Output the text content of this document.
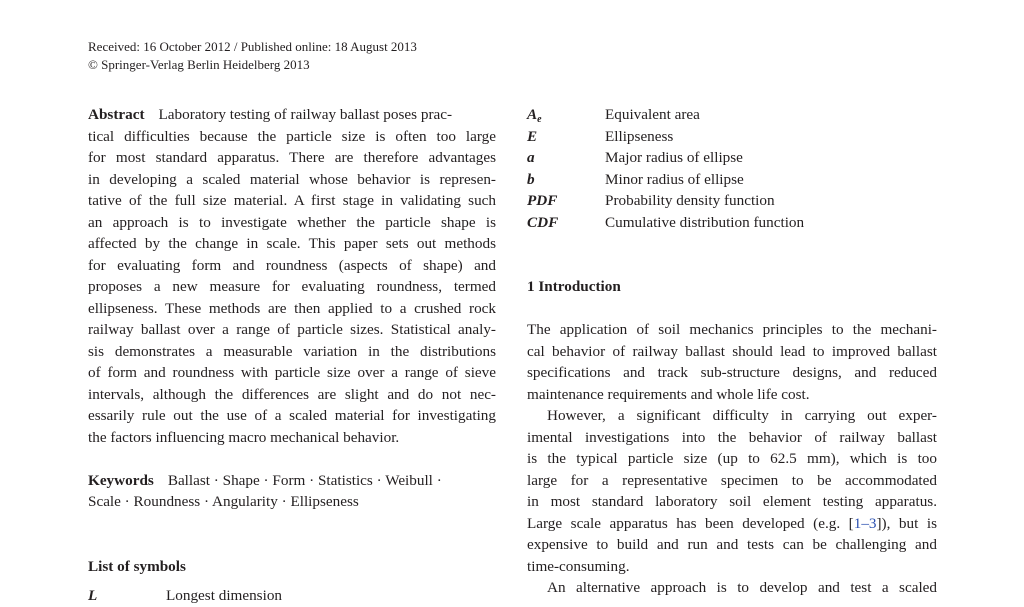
Received: 16 October 2012 / Published online: 18 August 2013
© Springer-Verlag Berlin Heidelberg 2013
Abstract Laboratory testing of railway ballast poses prac-
tical difficulties because the particle size is often too large
for most standard apparatus. There are therefore advantages
in developing a scaled material whose behavior is represen-
tative of the full size material. A first stage in validating such
an approach is to investigate whether the particle shape is
affected by the change in scale. This paper sets out methods
for evaluating form and roundness (aspects of shape) and
proposes a new measure for evaluating roundness, termed
ellipseness. These methods are then applied to a crushed rock
railway ballast over a range of particle sizes. Statistical analy-
sis demonstrates a measurable variation in the distributions
of form and roundness with particle size over a range of sieve
intervals, although the differences are slight and do not nec-
essarily rule out the use of a scaled material for investigating
the factors influencing macro mechanical behavior.
Keywords Ballast · Shape · Form · Statistics · Weibull ·
Scale · Roundness · Angularity · Ellipseness
List of symbols
L	Longest dimension
Ae	Equivalent area
E	Ellipseness
a	Major radius of ellipse
b	Minor radius of ellipse
PDF	Probability density function
CDF	Cumulative distribution function
1 Introduction
The application of soil mechanics principles to the mechani-
cal behavior of railway ballast should lead to improved ballast
specifications and track sub-structure designs, and reduced
maintenance requirements and whole life cost.
However, a significant difficulty in carrying out exper-
imental investigations into the behavior of railway ballast
is the typical particle size (up to 62.5 mm), which is too
large for a representative specimen to be accommodated
in most standard laboratory soil element testing apparatus.
Large scale apparatus has been developed (e.g. [1–3]), but is
expensive to build and run and tests can be challenging and
time-consuming.
An alternative approach is to develop and test a scaled
